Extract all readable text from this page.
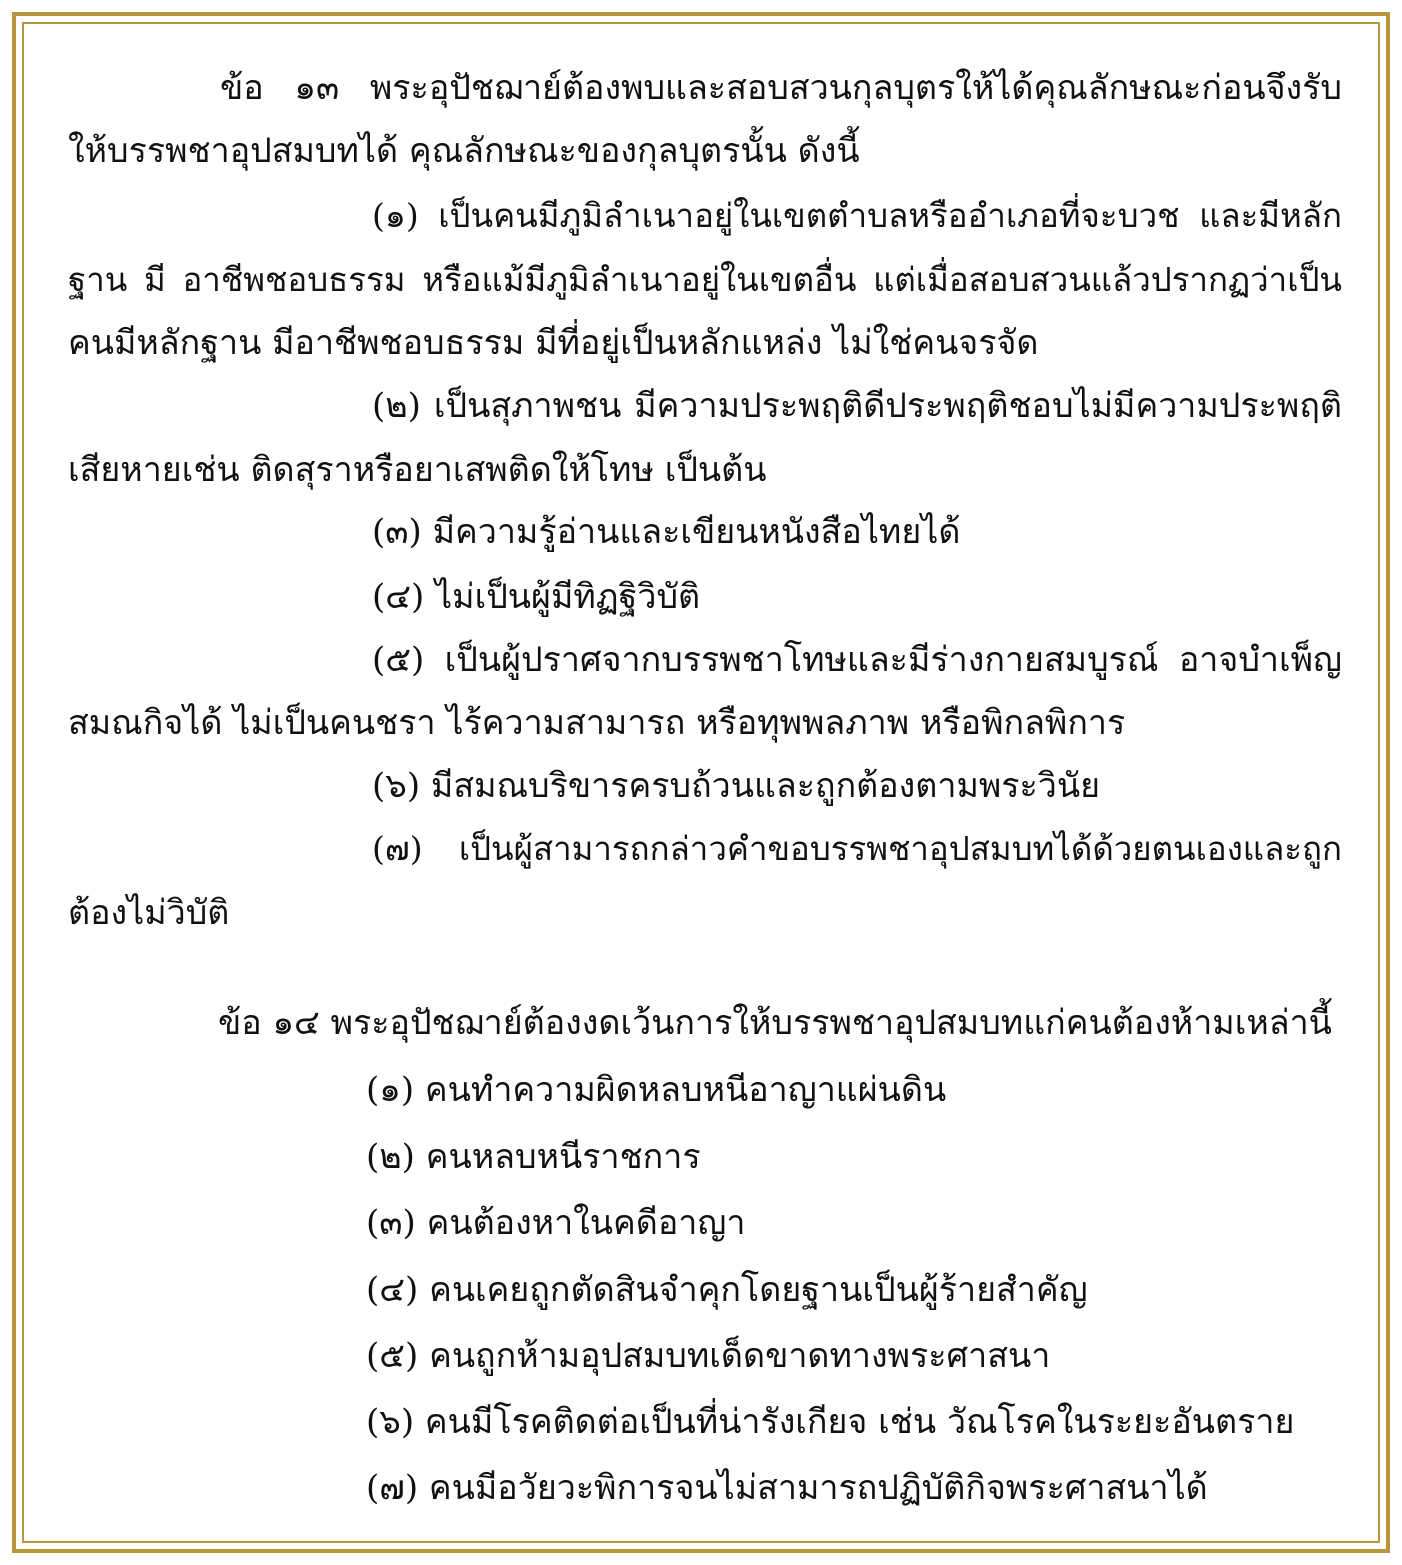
ข้อ ๑๓ พระอุปัชฌาย์ต้องพบและสอบสวนกุลบุตรให้ได้คุณลักษณะก่อนจึงรับ
ให้บรรพชาอุปสมบทได้ คุณลักษณะของกุลบุตรนั้น ดังนี้
(๑) เป็นคนมีภูมิลำเนาอยู่ในเขตตำบลหรืออำเภอที่จะบวช และมีหลัก
ฐาน มี อาชีพชอบธรรม หรือแม้มีภูมิลำเนาอยู่ในเขตอื่น แต่เมื่อสอบสวนแล้วปรากฏว่าเป็น
คนมีหลักฐาน มีอาชีพชอบธรรม มีที่อยู่เป็นหลักแหล่ง ไม่ใช่คนจรจัด
(๒) เป็นสุภาพชน มีความประพฤติดีประพฤติชอบไม่มีความประพฤติ
เสียหายเช่น ติดสุราหรือยาเสพติดให้โทษ เป็นต้น
(๓) มีความรู้อ่านและเขียนหนังสือไทยได้
(๔) ไม่เป็นผู้มีทิฏฐิวิบัติ
(๕) เป็นผู้ปราศจากบรรพชาโทษและมีร่างกายสมบูรณ์ อาจบำเพ็ญ
สมณกิจได้ ไม่เป็นคนชรา ไร้ความสามารถ หรือทุพพลภาพ หรือพิกลพิการ
(๖) มีสมณบริขารครบถ้วนและถูกต้องตามพระวินัย
(๗) เป็นผู้สามารถกล่าวคำขอบรรพชาอุปสมบทได้ด้วยตนเองและถูก
ต้องไม่วิบัติ
ข้อ ๑๔ พระอุปัชฌาย์ต้องงดเว้นการให้บรรพชาอุปสมบทแก่คนต้องห้ามเหล่านี้
(๑) คนทำความผิดหลบหนีอาญาแผ่นดิน
(๒) คนหลบหนีราชการ
(๓) คนต้องหาในคดีอาญา
(๔) คนเคยถูกตัดสินจำคุกโดยฐานเป็นผู้ร้ายสำคัญ
(๕) คนถูกห้ามอุปสมบทเด็ดขาดทางพระศาสนา
(๖) คนมีโรคติดต่อเป็นที่น่ารังเกียจ เช่น วัณโรคในระยะอันตราย
(๗) คนมีอวัยวะพิการจนไม่สามารถปฏิบัติกิจพระศาสนาได้
